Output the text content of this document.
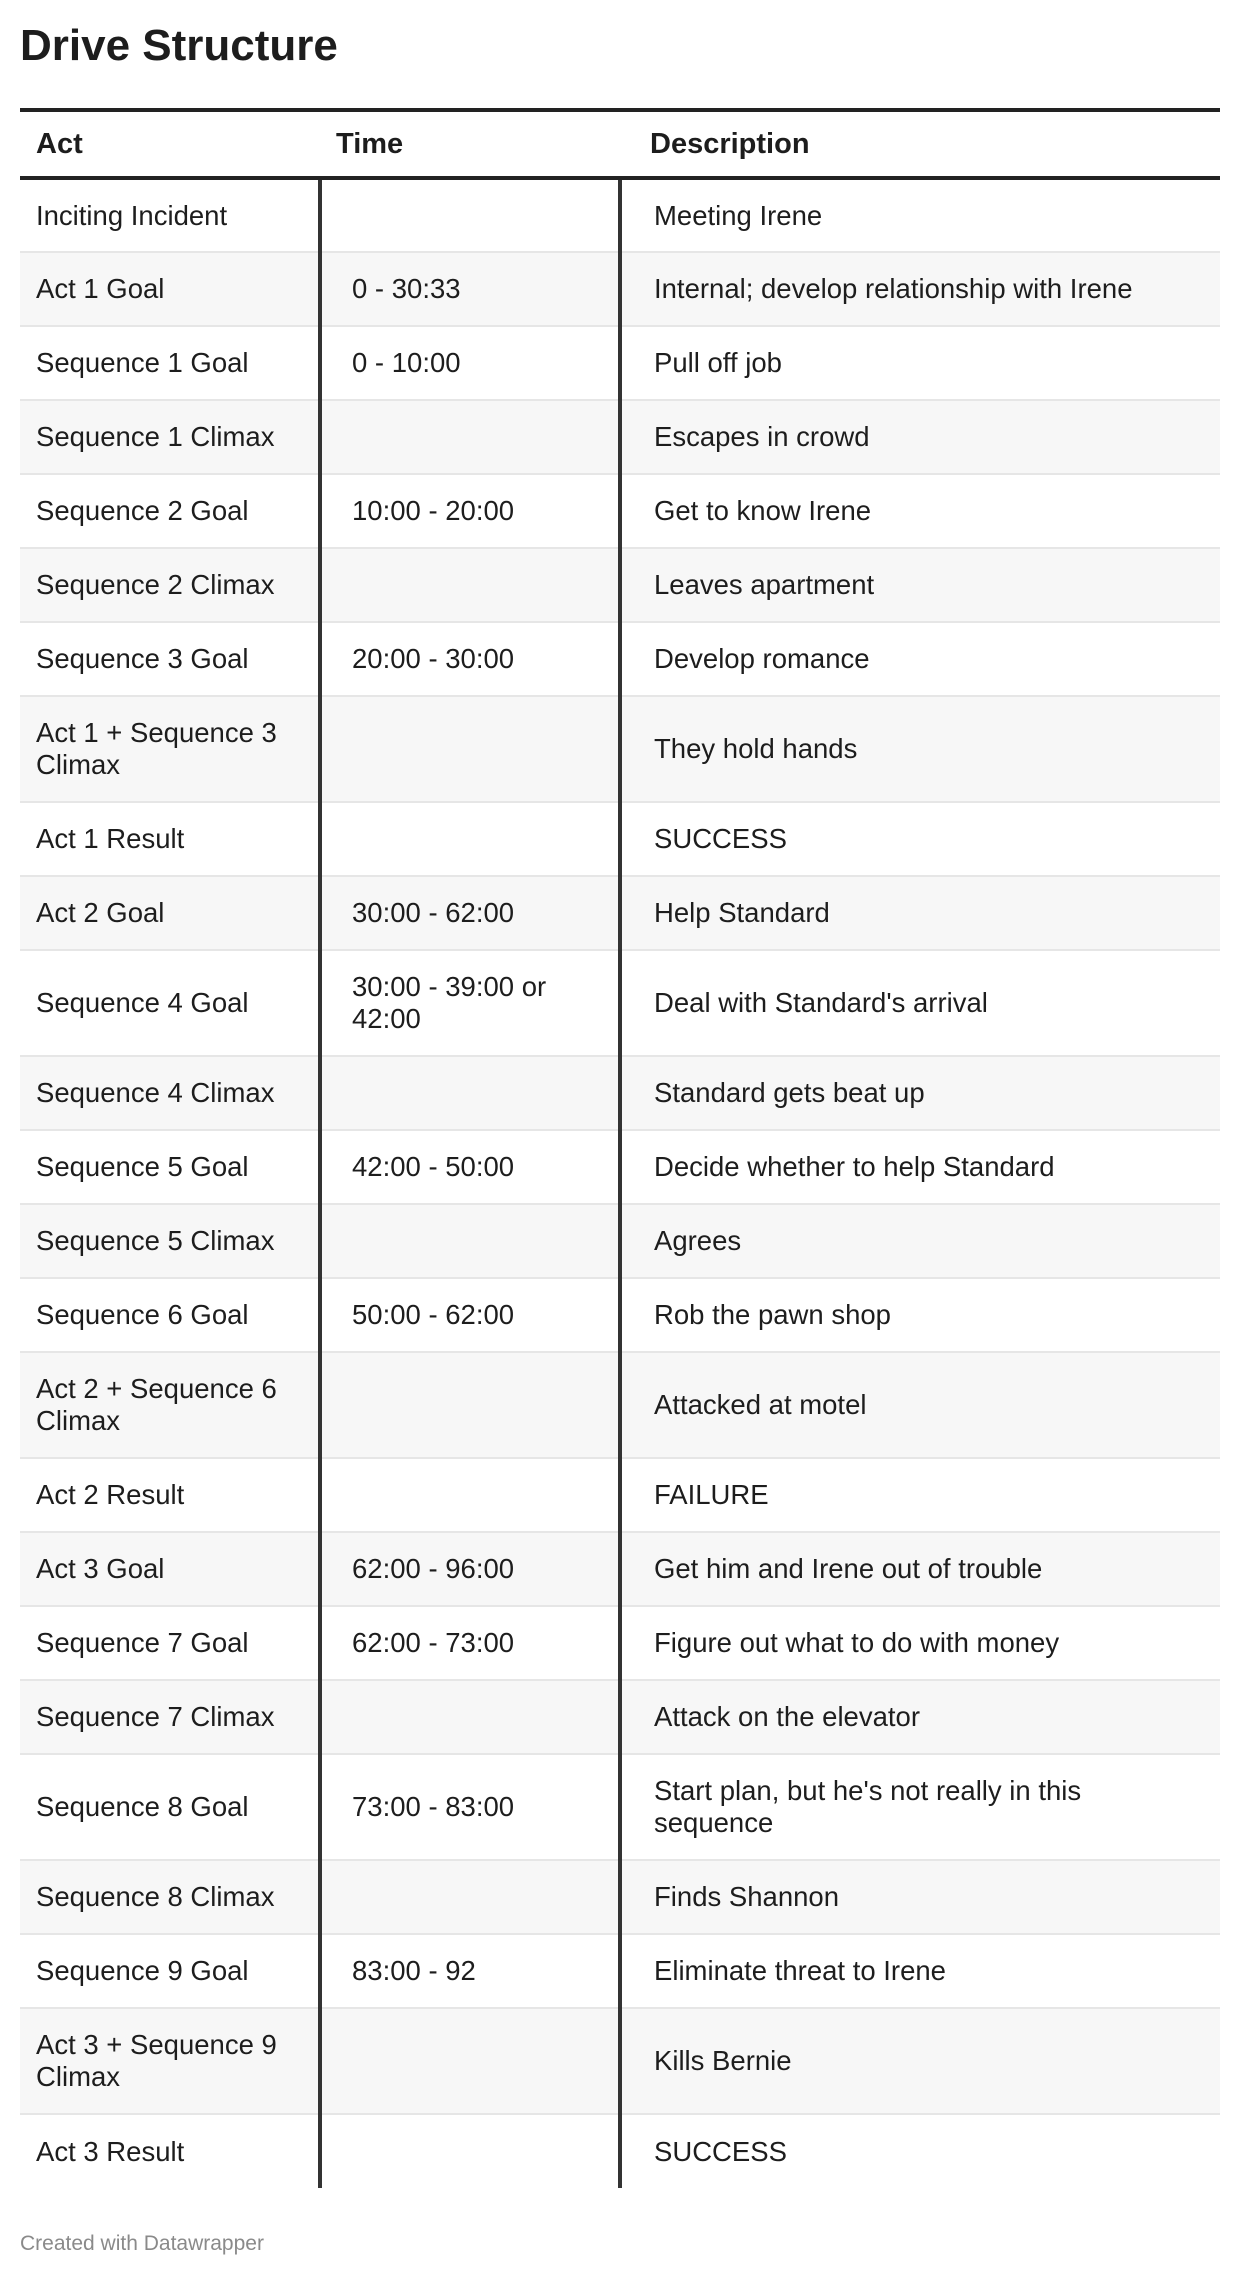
Drive Structure
Act	Time	Description
Inciting Incident		Meeting Irene
Act 1 Goal	0 - 30:33	Internal; develop relationship with Irene
Sequence 1 Goal	0 - 10:00	Pull off job
Sequence 1 Climax		Escapes in crowd
Sequence 2 Goal	10:00 - 20:00	Get to know Irene
Sequence 2 Climax		Leaves apartment
Sequence 3 Goal	20:00 - 30:00	Develop romance
Act 1 + Sequence 3 Climax		They hold hands
Act 1 Result		SUCCESS
Act 2 Goal	30:00 - 62:00	Help Standard
Sequence 4 Goal	30:00 - 39:00 or 42:00	Deal with Standard's arrival
Sequence 4 Climax		Standard gets beat up
Sequence 5 Goal	42:00 - 50:00	Decide whether to help Standard
Sequence 5 Climax		Agrees
Sequence 6 Goal	50:00 - 62:00	Rob the pawn shop
Act 2 + Sequence 6 Climax		Attacked at motel
Act 2 Result		FAILURE
Act 3 Goal	62:00 - 96:00	Get him and Irene out of trouble
Sequence 7 Goal	62:00 - 73:00	Figure out what to do with money
Sequence 7 Climax		Attack on the elevator
Sequence 8 Goal	73:00 - 83:00	Start plan, but he's not really in this sequence
Sequence 8 Climax		Finds Shannon
Sequence 9 Goal	83:00 - 92	Eliminate threat to Irene
Act 3 + Sequence 9 Climax		Kills Bernie
Act 3 Result		SUCCESS
Created with Datawrapper
